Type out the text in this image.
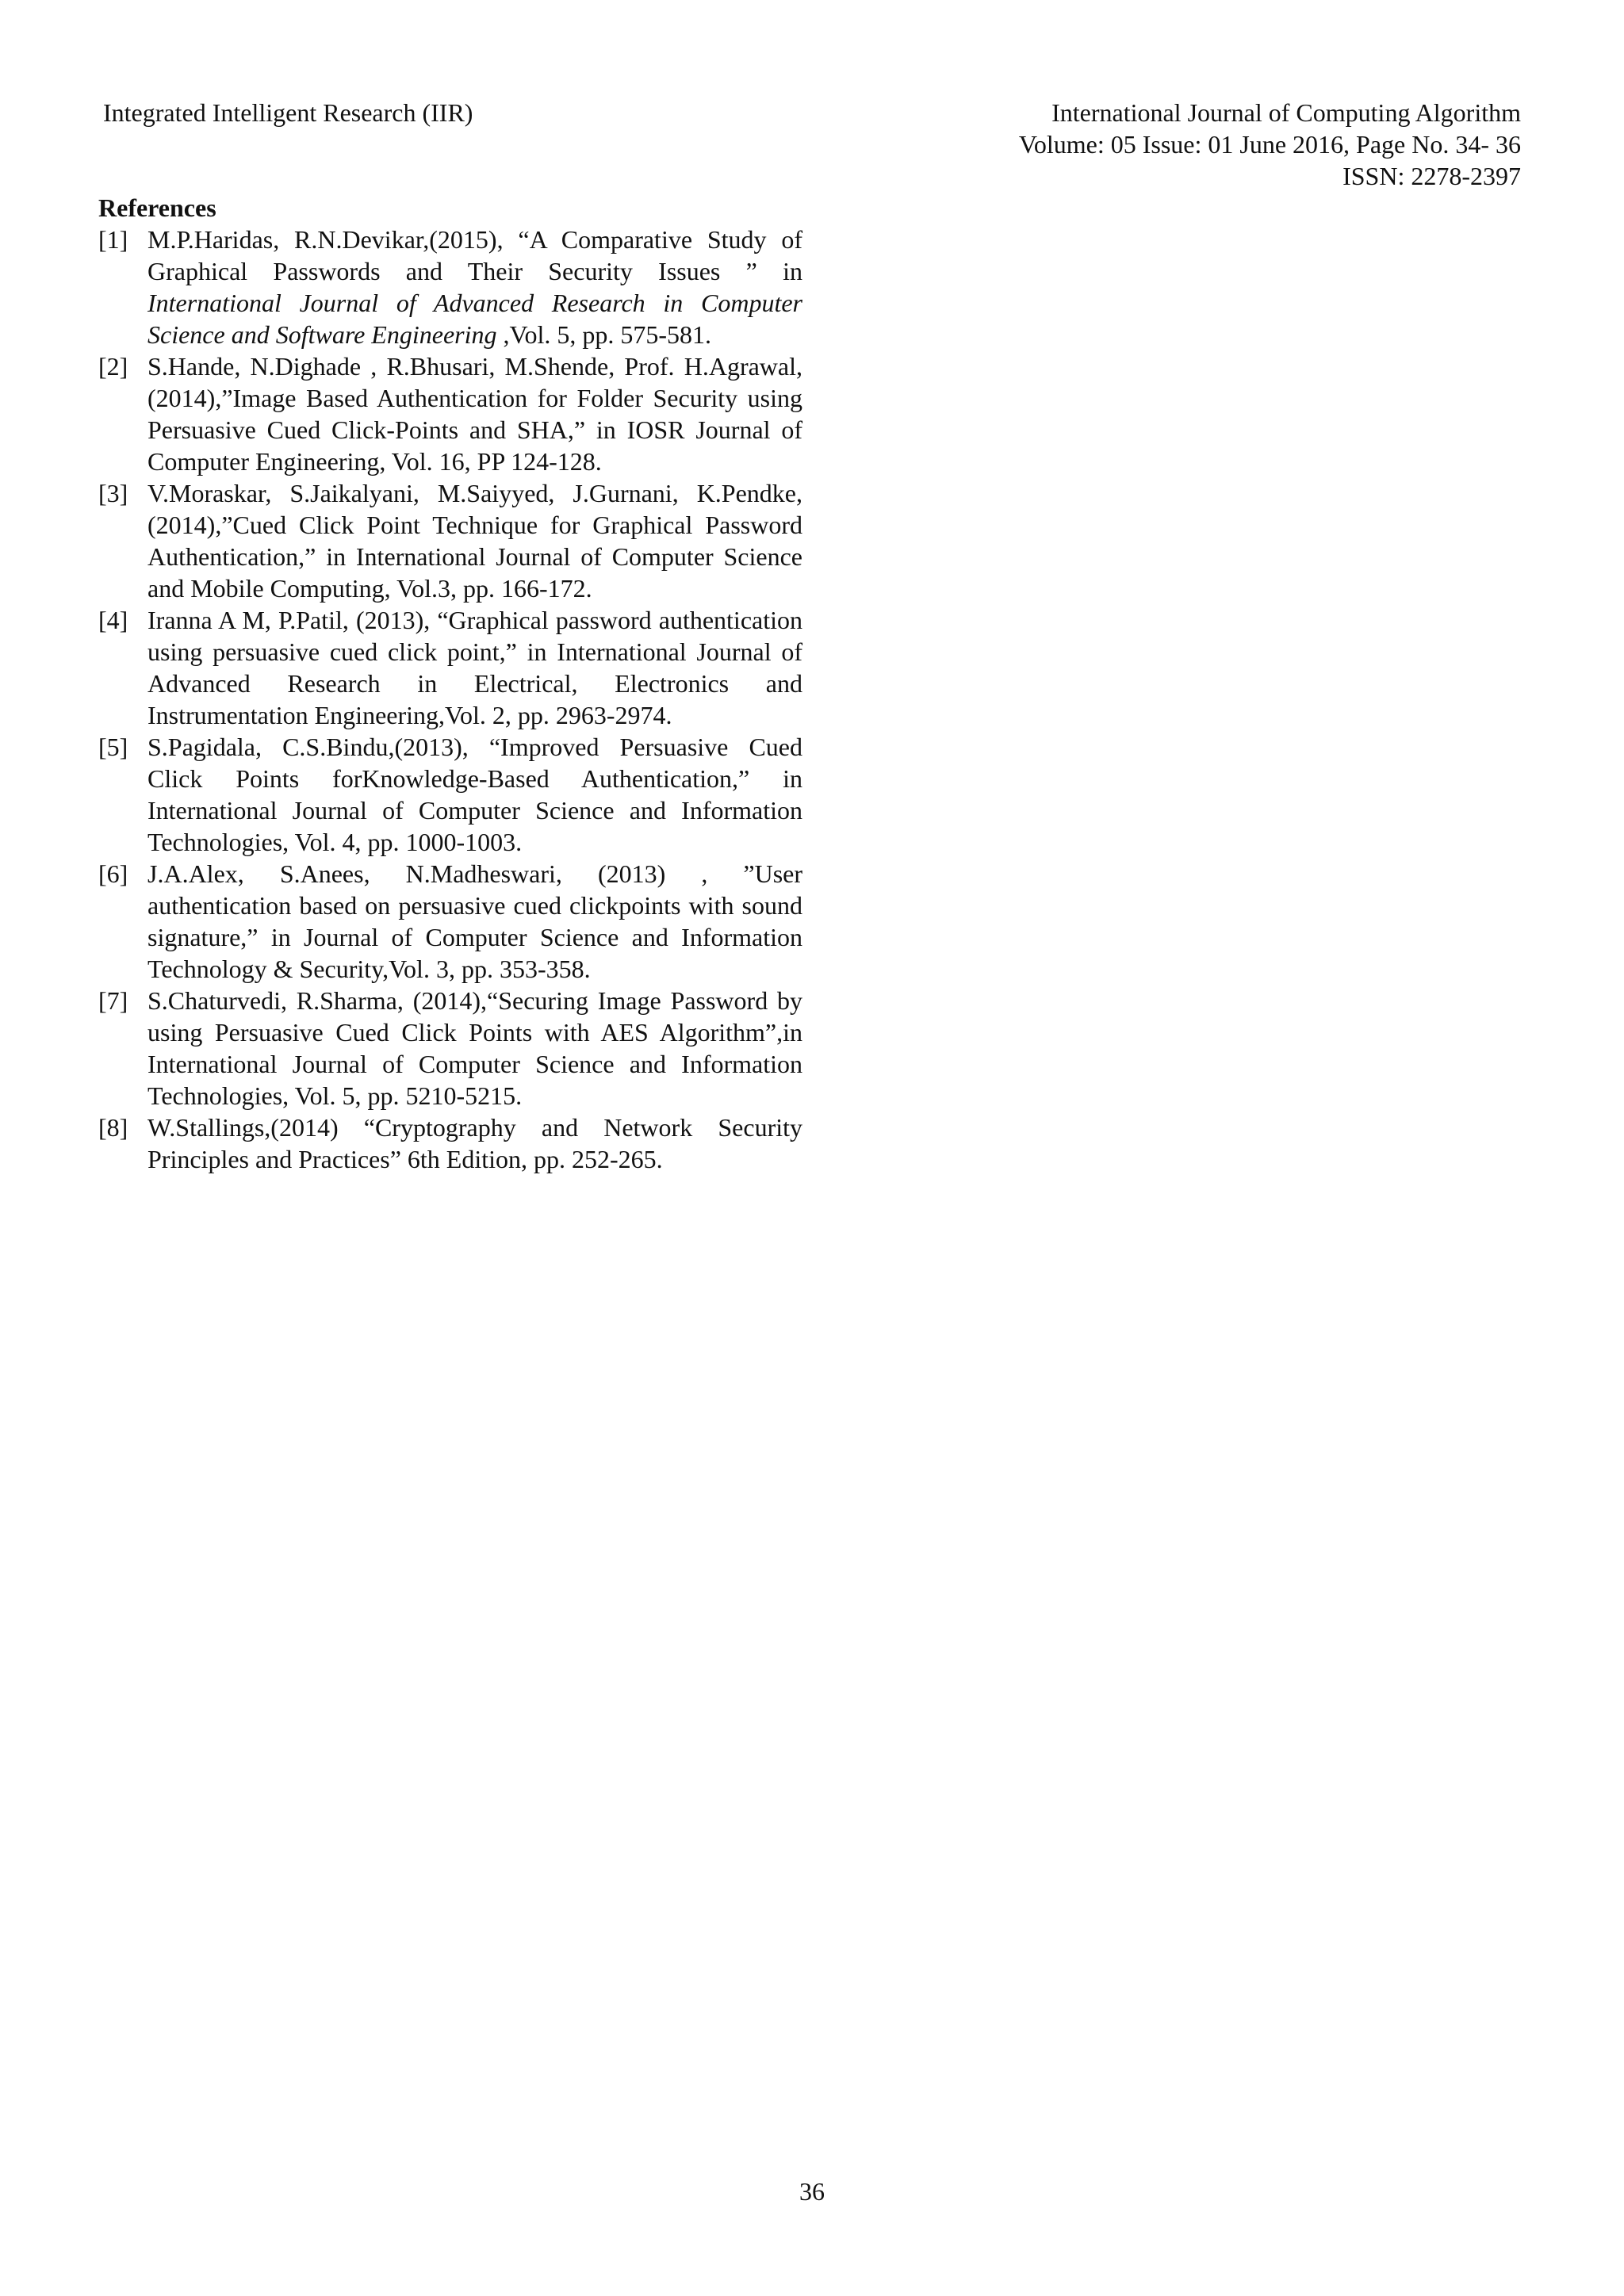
Integrated Intelligent Research (IIR)	International Journal of Computing Algorithm
Volume: 05 Issue: 01 June 2016, Page No. 34- 36
ISSN: 2278-2397
References
[1] M.P.Haridas, R.N.Devikar,(2015), “A Comparative Study of Graphical Passwords and Their Security Issues ” in International Journal of Advanced Research in Computer Science and Software Engineering ,Vol. 5, pp. 575-581.
[2] S.Hande, N.Dighade , R.Bhusari, M.Shende, Prof. H.Agrawal,(2014),”Image Based Authentication for Folder Security using Persuasive Cued Click-Points and SHA,” in IOSR Journal of Computer Engineering, Vol. 16, PP 124-128.
[3] V.Moraskar, S.Jaikalyani, M.Saiyyed, J.Gurnani, K.Pendke,(2014),”Cued Click Point Technique for Graphical Password Authentication,” in International Journal of Computer Science and Mobile Computing, Vol.3, pp. 166-172.
[4] Iranna A M, P.Patil, (2013), “Graphical password authentication using persuasive cued click point,” in International Journal of Advanced Research in Electrical, Electronics and Instrumentation Engineering,Vol. 2, pp. 2963-2974.
[5] S.Pagidala, C.S.Bindu,(2013), “Improved Persuasive Cued Click Points forKnowledge-Based Authentication,” in International Journal of Computer Science and Information Technologies, Vol. 4, pp. 1000-1003.
[6] J.A.Alex, S.Anees, N.Madheswari, (2013) , ”User authentication based on persuasive cued clickpoints with sound signature,” in Journal of Computer Science and Information Technology & Security,Vol. 3, pp. 353-358.
[7] S.Chaturvedi, R.Sharma, (2014),“Securing Image Password by using Persuasive Cued Click Points with AES Algorithm”,in International Journal of Computer Science and Information Technologies, Vol. 5, pp. 5210-5215.
[8] W.Stallings,(2014) “Cryptography and Network Security Principles and Practices” 6th Edition, pp. 252-265.
36
